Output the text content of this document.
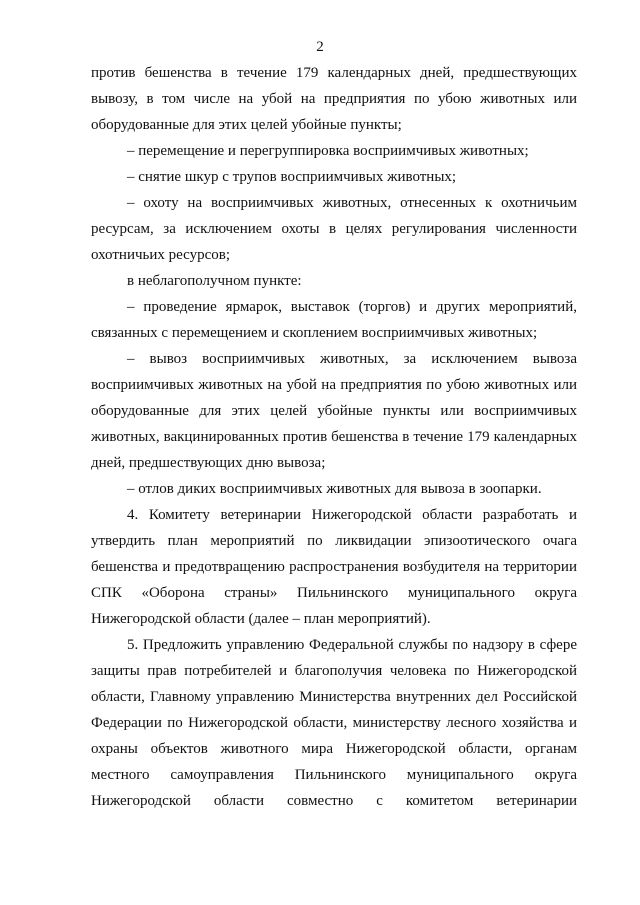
2

против бешенства в течение 179 календарных дней, предшествующих вывозу, в том числе на убой на предприятия по убою животных или оборудованные для этих целей убойные пункты;

– перемещение и перегруппировка восприимчивых животных;

– снятие шкур с трупов восприимчивых животных;

– охоту на восприимчивых животных, отнесенных к охотничьим ресурсам, за исключением охоты в целях регулирования численности охотничьих ресурсов;

в неблагополучном пункте:

– проведение ярмарок, выставок (торгов) и других мероприятий, связанных с перемещением и скоплением восприимчивых животных;

– вывоз восприимчивых животных, за исключением вывоза восприимчивых животных на убой на предприятия по убою животных или оборудованные для этих целей убойные пункты или восприимчивых животных, вакцинированных против бешенства в течение 179 календарных дней, предшествующих дню вывоза;

– отлов диких восприимчивых животных для вывоза в зоопарки.

4. Комитету ветеринарии Нижегородской области разработать и утвердить план мероприятий по ликвидации эпизоотического очага бешенства и предотвращению распространения возбудителя на территории СПК «Оборона страны» Пильнинского муниципального округа Нижегородской области (далее – план мероприятий).

5. Предложить управлению Федеральной службы по надзору в сфере защиты прав потребителей и благополучия человека по Нижегородской области, Главному управлению Министерства внутренних дел Российской Федерации по Нижегородской области, министерству лесного хозяйства и охраны объектов животного мира Нижегородской области, органам местного самоуправления Пильнинского муниципального округа Нижегородской области совместно с комитетом ветеринарии
